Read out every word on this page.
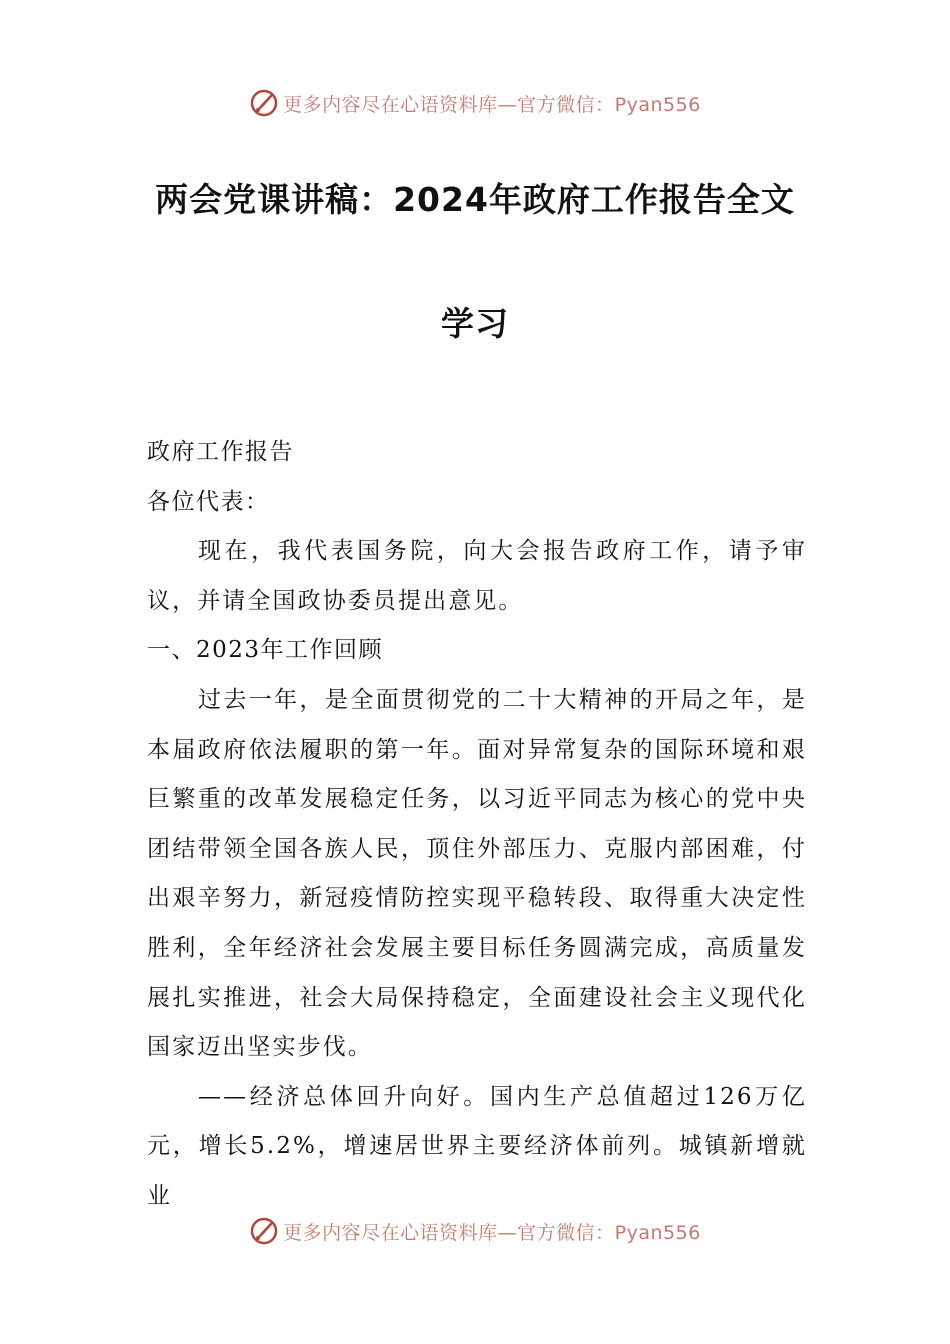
更多内容尽在心语资料库—官方微信：Pyan556
两会党课讲稿：2024年政府工作报告全文
学习

政府工作报告

各位代表：

现在，我代表国务院，向大会报告政府工作，请予审议，并请全国政协委员提出意见。

一、2023年工作回顾

过去一年，是全面贯彻党的二十大精神的开局之年，是本届政府依法履职的第一年。面对异常复杂的国际环境和艰巨繁重的改革发展稳定任务，以习近平同志为核心的党中央团结带领全国各族人民，顶住外部压力、克服内部困难，付出艰辛努力，新冠疫情防控实现平稳转段、取得重大决定性胜利，全年经济社会发展主要目标任务圆满完成，高质量发展扎实推进，社会大局保持稳定，全面建设社会主义现代化国家迈出坚实步伐。

——经济总体回升向好。国内生产总值超过126万亿元，增长5.2%，增速居世界主要经济体前列。城镇新增就业

更多内容尽在心语资料库—官方微信：Pyan556
